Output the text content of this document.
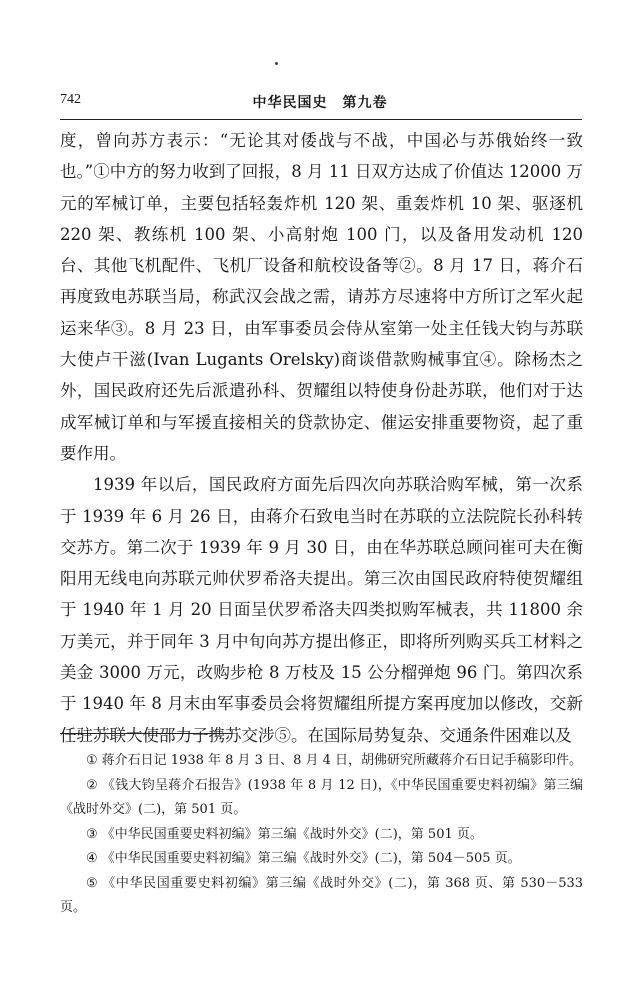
742	中华民国史　第九卷

度，曾向苏方表示：“无论其对倭战与不战，中国必与苏俄始终一致也。”①中方的努力收到了回报，8 月 11 日双方达成了价值达 12000 万元的军械订单，主要包括轻轰炸机 120 架、重轰炸机 10 架、驱逐机 220 架、教练机 100 架、小高射炮 100 门，以及备用发动机 120 台、其他飞机配件、飞机厂设备和航校设备等②。8 月 17 日，蒋介石再度致电苏联当局，称武汉会战之需，请苏方尽速将中方所订之军火起运来华③。8 月 23 日，由军事委员会侍从室第一处主任钱大钧与苏联大使卢干滋(Ivan Lugants Orelsky)商谈借款购械事宜④。除杨杰之外，国民政府还先后派遣孙科、贺耀组以特使身份赴苏联，他们对于达成军械订单和与军援直接相关的贷款协定、催运安排重要物资，起了重要作用。

1939 年以后，国民政府方面先后四次向苏联洽购军械，第一次系于 1939 年 6 月 26 日，由蒋介石致电当时在苏联的立法院院长孙科转交苏方。第二次于 1939 年 9 月 30 日，由在华苏联总顾问崔可夫在衡阳用无线电向苏联元帅伏罗希洛夫提出。第三次由国民政府特使贺耀组于 1940 年 1 月 20 日面呈伏罗希洛夫四类拟购军械表，共 11800 余万美元，并于同年 3 月中旬向苏方提出修正，即将所列购买兵工材料之美金 3000 万元，改购步枪 8 万枝及 15 公分榴弹炮 96 门。第四次系于 1940 年 8 月末由军事委员会将贺耀组所提方案再度加以修改，交新任驻苏联大使邵力子携苏交涉⑤。在国际局势复杂、交通条件困难以及

① 蒋介石日记 1938 年 8 月 3 日、8 月 4 日，胡佛研究所藏蒋介石日记手稿影印件。

② 《钱大钧呈蒋介石报告》(1938 年 8 月 12 日)，《中华民国重要史料初编》第三编《战时外交》(二)，第 501 页。

③ 《中华民国重要史料初编》第三编《战时外交》(二)，第 501 页。

④ 《中华民国重要史料初编》第三编《战时外交》(二)，第 504－505 页。

⑤ 《中华民国重要史料初编》第三编《战时外交》(二)，第 368 页、第 530－533 页。
